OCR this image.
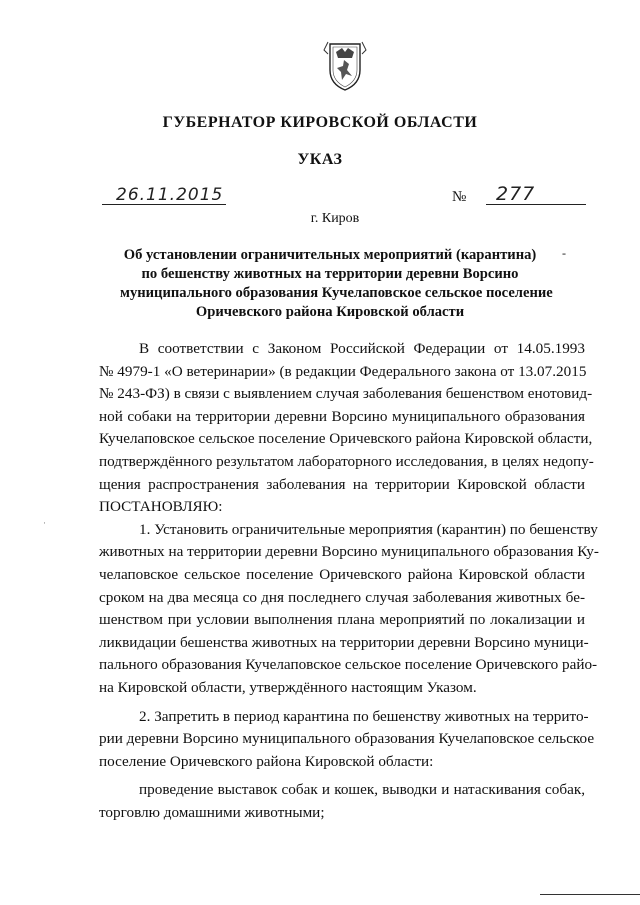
ГУБЕРНАТОР КИРОВСКОЙ ОБЛАСТИ
УКАЗ
26.11.2015	№ 277
г. Киров
Об установлении ограничительных мероприятий (карантина)
по бешенству животных на территории деревни Ворсино
муниципального образования Кучелаповское сельское поселение
Оричевского района Кировской области
-
·
В соответствии с Законом Российской Федерации от 14.05.1993
№ 4979-1 «О ветеринарии» (в редакции Федерального закона от 13.07.2015
№ 243-ФЗ) в связи с выявлением случая заболевания бешенством енотовид-
ной собаки на территории деревни Ворсино муниципального образования
Кучелаповское сельское поселение Оричевского района Кировской области,
подтверждённого результатом лабораторного исследования, в целях недопу-
щения распространения заболевания на территории Кировской области
ПОСТАНОВЛЯЮ:
1. Установить ограничительные мероприятия (карантин) по бешенству
животных на территории деревни Ворсино муниципального образования Ку-
челаповское сельское поселение Оричевского района Кировской области
сроком на два месяца со дня последнего случая заболевания животных бе-
шенством при условии выполнения плана мероприятий по локализации и
ликвидации бешенства животных на территории деревни Ворсино муници-
пального образования Кучелаповское сельское поселение Оричевского райо-
на Кировской области, утверждённого настоящим Указом.
2. Запретить в период карантина по бешенству животных на террито-
рии деревни Ворсино муниципального образования Кучелаповское сельское
поселение Оричевского района Кировской области:
проведение выставок собак и кошек, выводки и натаскивания собак,
торговлю домашними животными;
